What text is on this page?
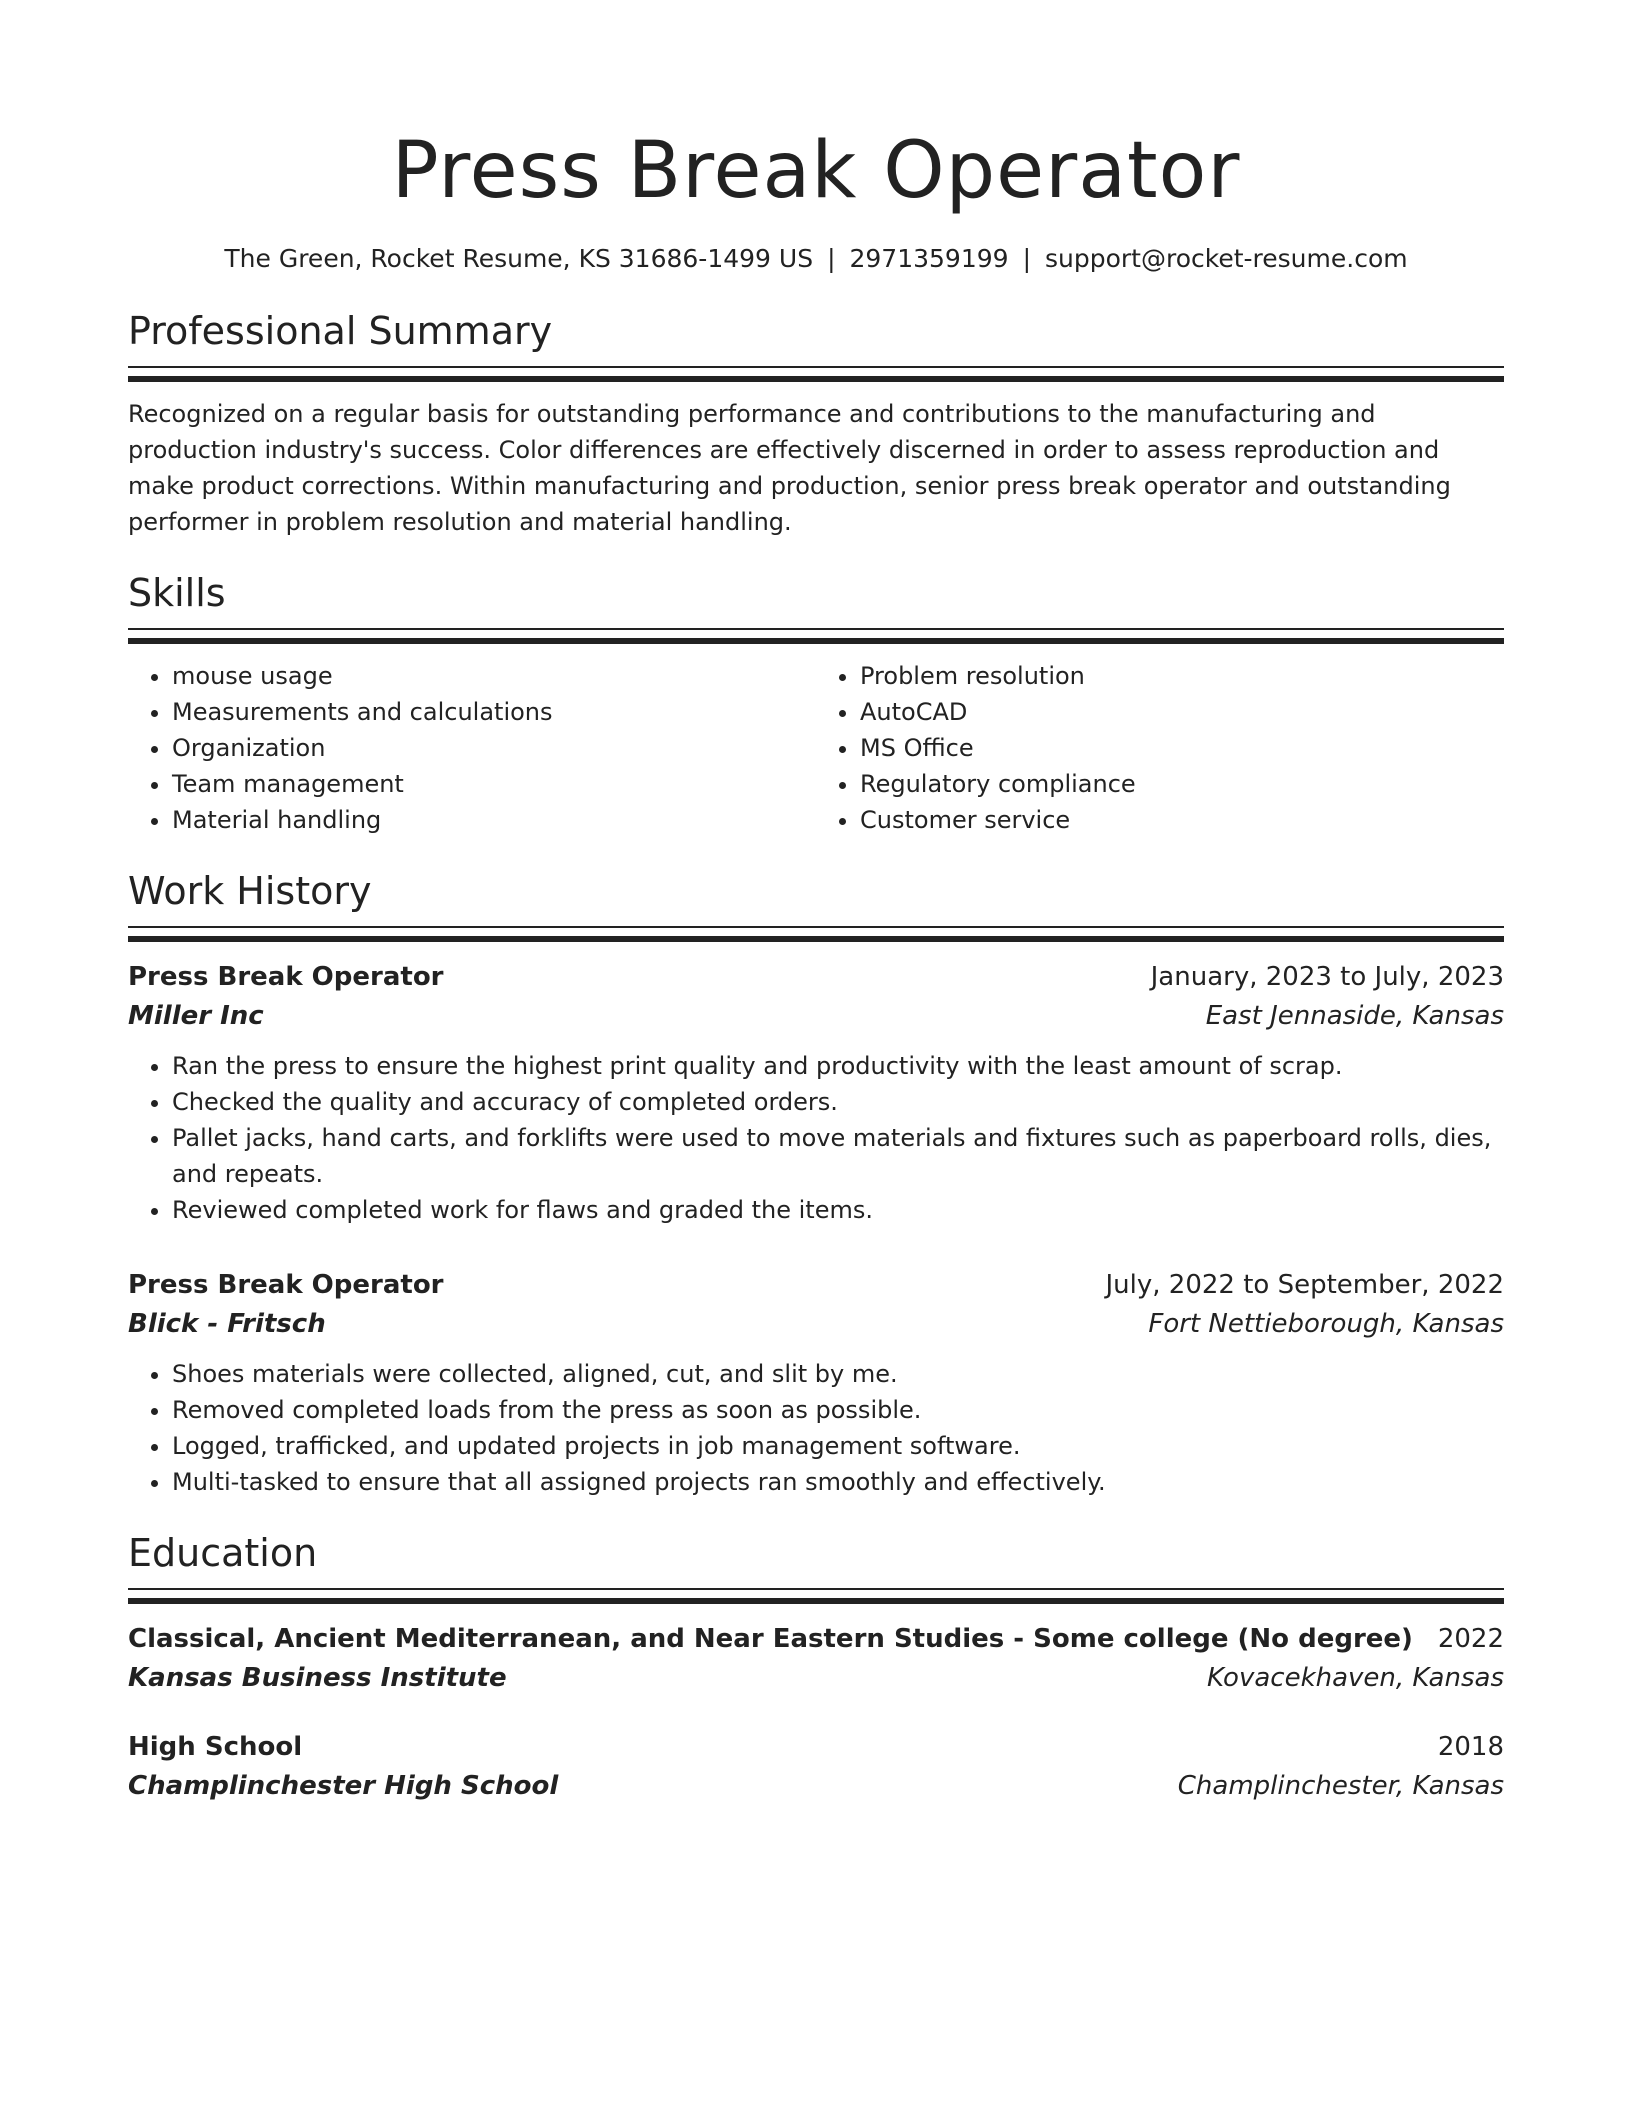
Press Break Operator
The Green, Rocket Resume, KS 31686-1499 US | 2971359199 | support@rocket-resume.com
Professional Summary
Recognized on a regular basis for outstanding performance and contributions to the manufacturing and production industry's success. Color differences are effectively discerned in order to assess reproduction and make product corrections. Within manufacturing and production, senior press break operator and outstanding performer in problem resolution and material handling.
Skills
• mouse usage
• Measurements and calculations
• Organization
• Team management
• Material handling
• Problem resolution
• AutoCAD
• MS Office
• Regulatory compliance
• Customer service
Work History
Press Break Operator	January, 2023 to July, 2023
Miller Inc	East Jennaside, Kansas
• Ran the press to ensure the highest print quality and productivity with the least amount of scrap.
• Checked the quality and accuracy of completed orders.
• Pallet jacks, hand carts, and forklifts were used to move materials and fixtures such as paperboard rolls, dies, and repeats.
• Reviewed completed work for flaws and graded the items.
Press Break Operator	July, 2022 to September, 2022
Blick - Fritsch	Fort Nettieborough, Kansas
• Shoes materials were collected, aligned, cut, and slit by me.
• Removed completed loads from the press as soon as possible.
• Logged, trafficked, and updated projects in job management software.
• Multi-tasked to ensure that all assigned projects ran smoothly and effectively.
Education
Classical, Ancient Mediterranean, and Near Eastern Studies - Some college (No degree) 2022
Kansas Business Institute	Kovacekhaven, Kansas
High School	2018
Champlinchester High School	Champlinchester, Kansas
